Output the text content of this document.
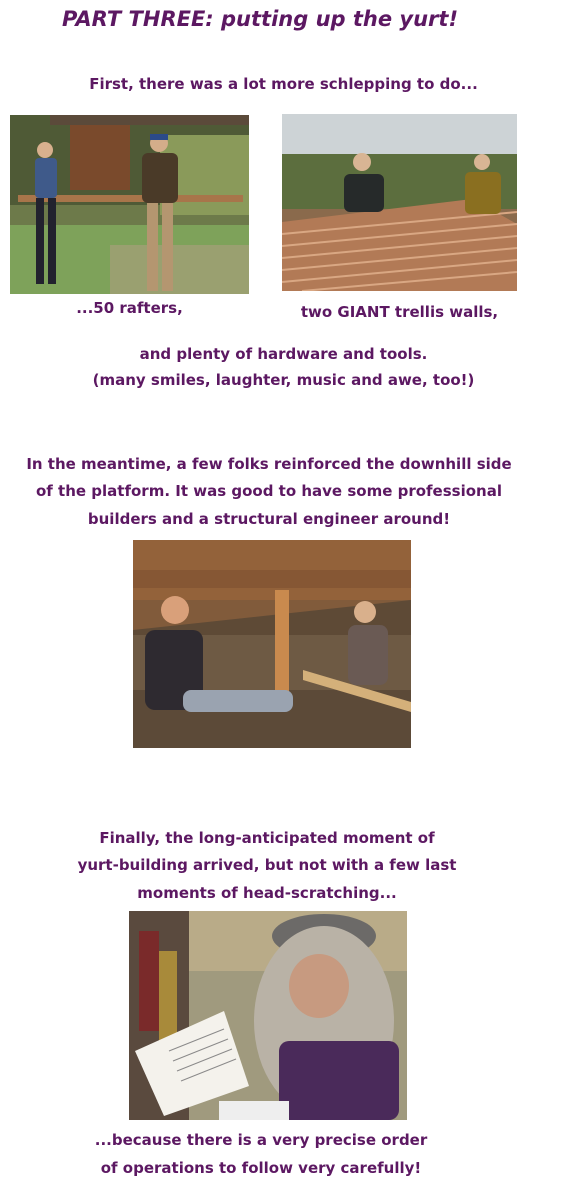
PART THREE: putting up the yurt!
First, there was a lot more schlepping to do...
...50 rafters,	two GIANT trellis walls,
and plenty of hardware and tools.
(many smiles, laughter, music and awe, too!)
In the meantime, a few folks reinforced the downhill side
of the platform. It was good to have some professional
builders and a structural engineer around!
Finally, the long-anticipated moment of
yurt-building arrived, but not with a few last
moments of head-scratching...
...because there is a very precise order
of operations to follow very carefully!
